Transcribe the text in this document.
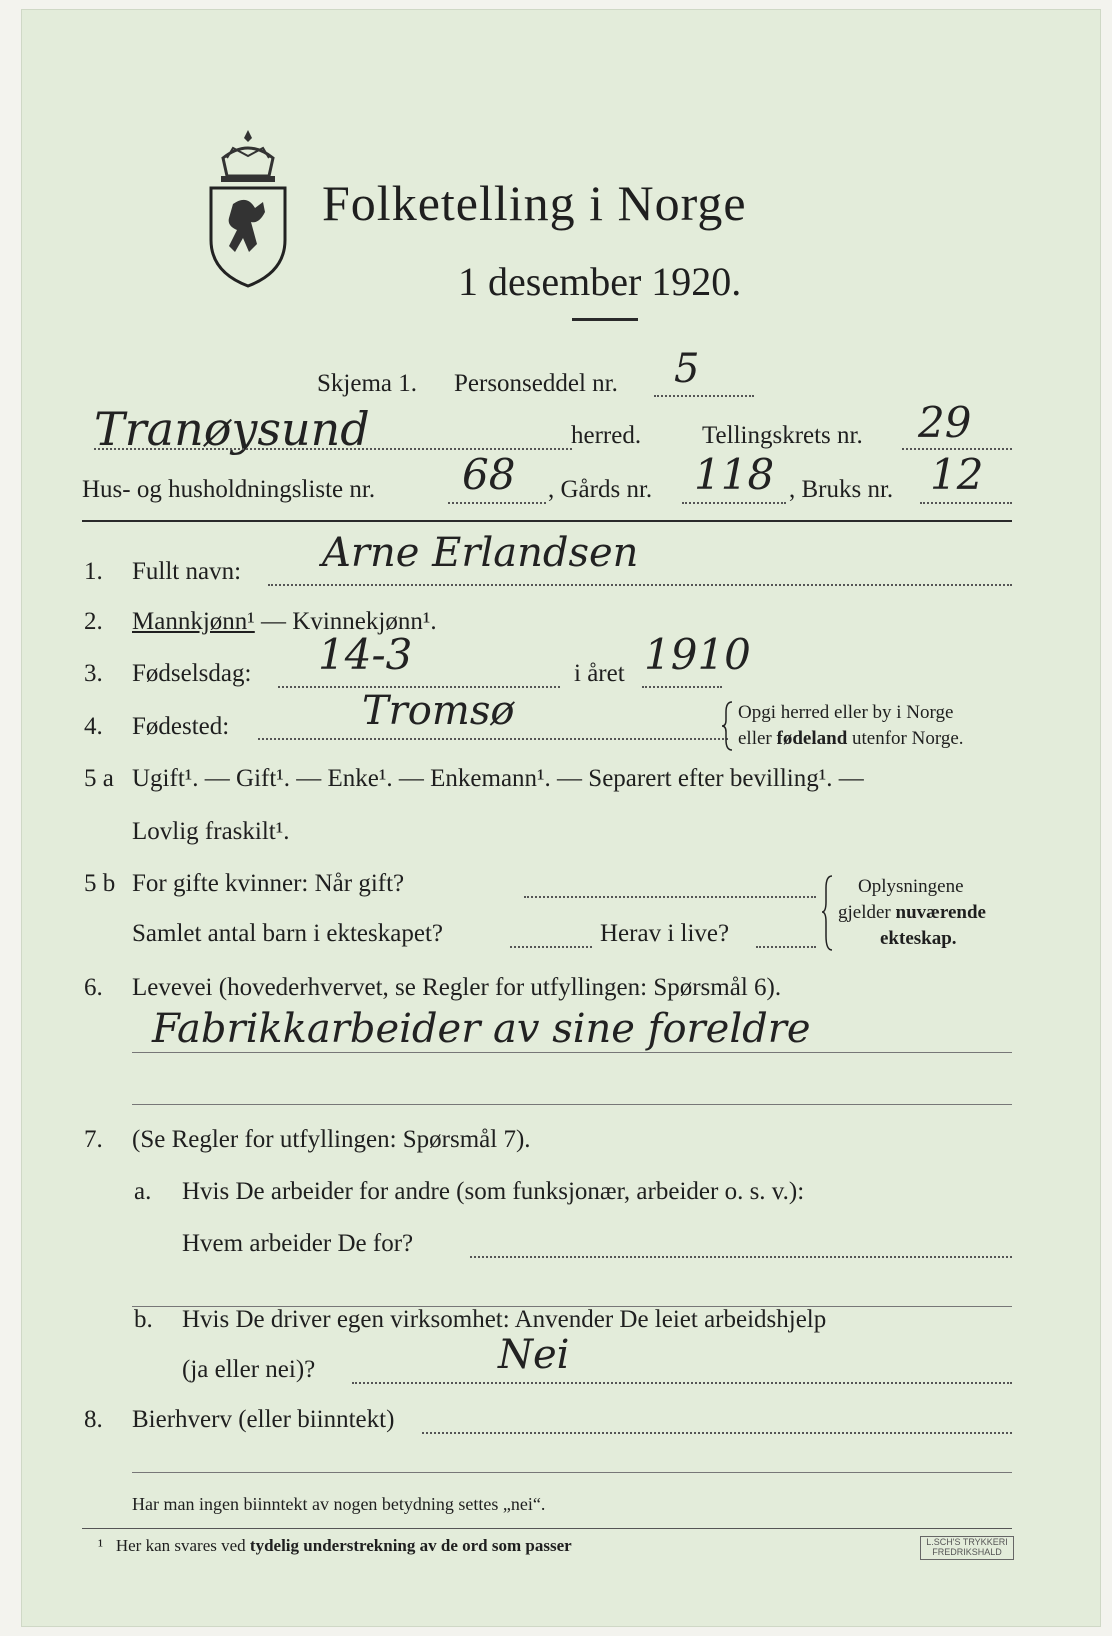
Folketelling i Norge
1 desember 1920.
Skjema 1. Personseddel nr. 5
Tranøysund	herred. Tellingskrets nr. 29
Hus- og husholdningsliste nr. 68 , Gårds nr. 118 , Bruks nr. 12
1. Fullt navn: Arne Erlandsen
2. Mannkjønn¹ — Kvinnekjønn¹.
3. Fødselsdag: 14-3	i året 1910
4. Fødested:	Tromsø	Opgi herred eller by i Norge
eller fødeland utenfor Norge.
5 a Ugift¹. — Gift¹. — Enke¹. — Enkemann¹. — Separert efter bevilling¹. —
Lovlig fraskilt¹.
5 b For gifte kvinner: Når gift?
Samlet antal barn i ekteskapet?	Herav i live?
Oplysningene
gjelder nuværende
ekteskap.
6. Levevei (hovederhvervet, se Regler for utfyllingen: Spørsmål 6).
Fabrikkarbeider av sine foreldre
7. (Se Regler for utfyllingen: Spørsmål 7).
a. Hvis De arbeider for andre (som funksjonær, arbeider o. s. v.):
Hvem arbeider De for?
b. Hvis De driver egen virksomhet: Anvender De leiet arbeidshjelp
(ja eller nei)?	Nei
8. Bierhverv (eller biinntekt)
Har man ingen biinntekt av nogen betydning settes „nei“.
¹ Her kan svares ved tydelig understrekning av de ord som passer	L.SCH'S TRYKKERI
FREDRIKSHALD
